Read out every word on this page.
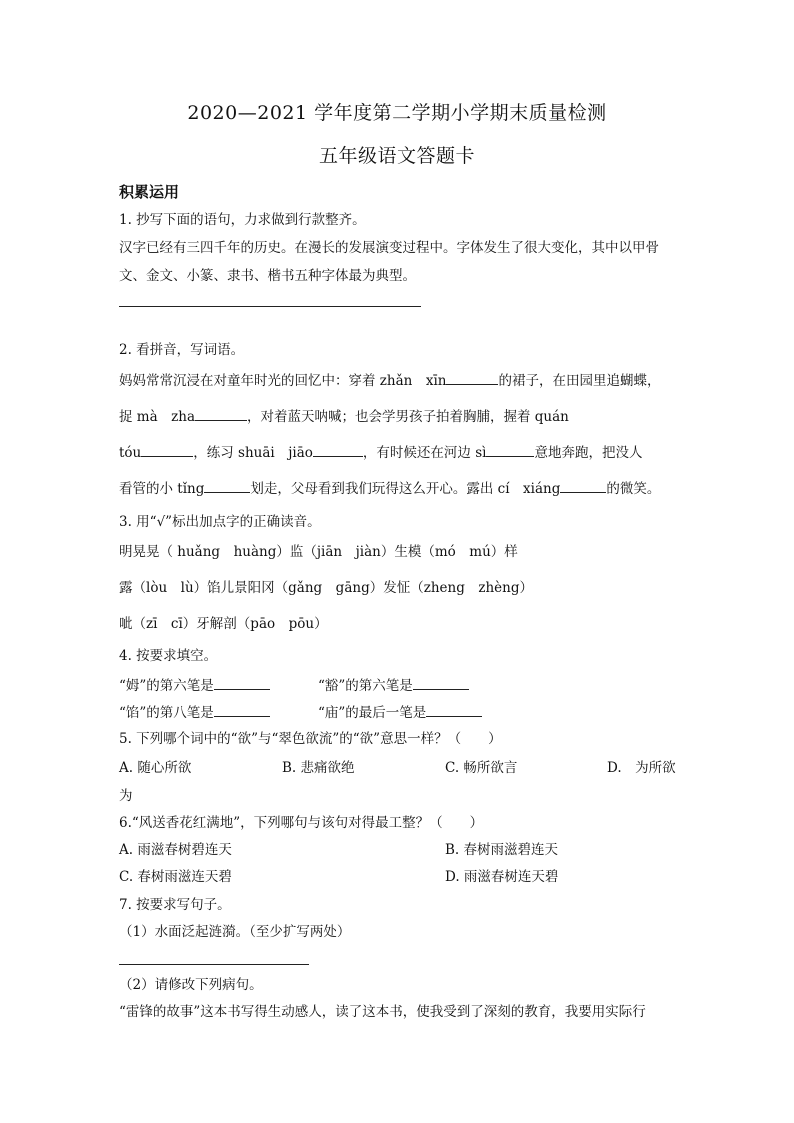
2020—2021 学年度第二学期小学期末质量检测
五年级语文答题卡
积累运用
1. 抄写下面的语句，力求做到行款整齐。
汉字已经有三四千年的历史。在漫长的发展演变过程中。字体发生了很大变化，其中以甲骨
文、金文、小篆、隶书、楷书五种字体最为典型。
2. 看拼音，写词语。
妈妈常常沉浸在对童年时光的回忆中：穿着 zhǎn　xīn	的裙子，在田园里追蝴蝶，
捉 mà　zha	，对着蓝天呐喊；也会学男孩子拍着胸脯，握着 quán
tóu	，练习 shuāi　jiāo	，有时候还在河边 sì	意地奔跑，把没人
看管的小 tǐng	划走，父母看到我们玩得这么开心。露出 cí　xiáng	的微笑。
3. 用“√”标出加点字的正确读音。
明晃晃（ huǎng　huàng）监（jiān　jiàn）生模（mó　mú）样
露（lòu　lù）馅儿景阳冈（gǎng　gāng）发怔（zheng　zhèng）
呲（zī　cī）牙解剖（pāo　pōu）
4. 按要求填空。
“姆”的第六笔是	“豁”的第六笔是
“馅”的第八笔是	“庙”的最后一笔是
5. 下列哪个词中的“欲”与“翠色欲流”的“欲”意思一样？（　　）
A. 随心所欲	B. 悲痛欲绝	C. 畅所欲言	D.　为所欲
为
6.“风送香花红满地”，下列哪句与该句对得最工整？（　　）
A. 雨滋春树碧连天	B. 春树雨滋碧连天
C. 春树雨滋连天碧	D. 雨滋春树连天碧
7. 按要求写句子。
（1）水面泛起涟漪。（至少扩写两处）
（2）请修改下列病句。
“雷锋的故事”这本书写得生动感人，读了这本书，使我受到了深刻的教育，我要用实际行
